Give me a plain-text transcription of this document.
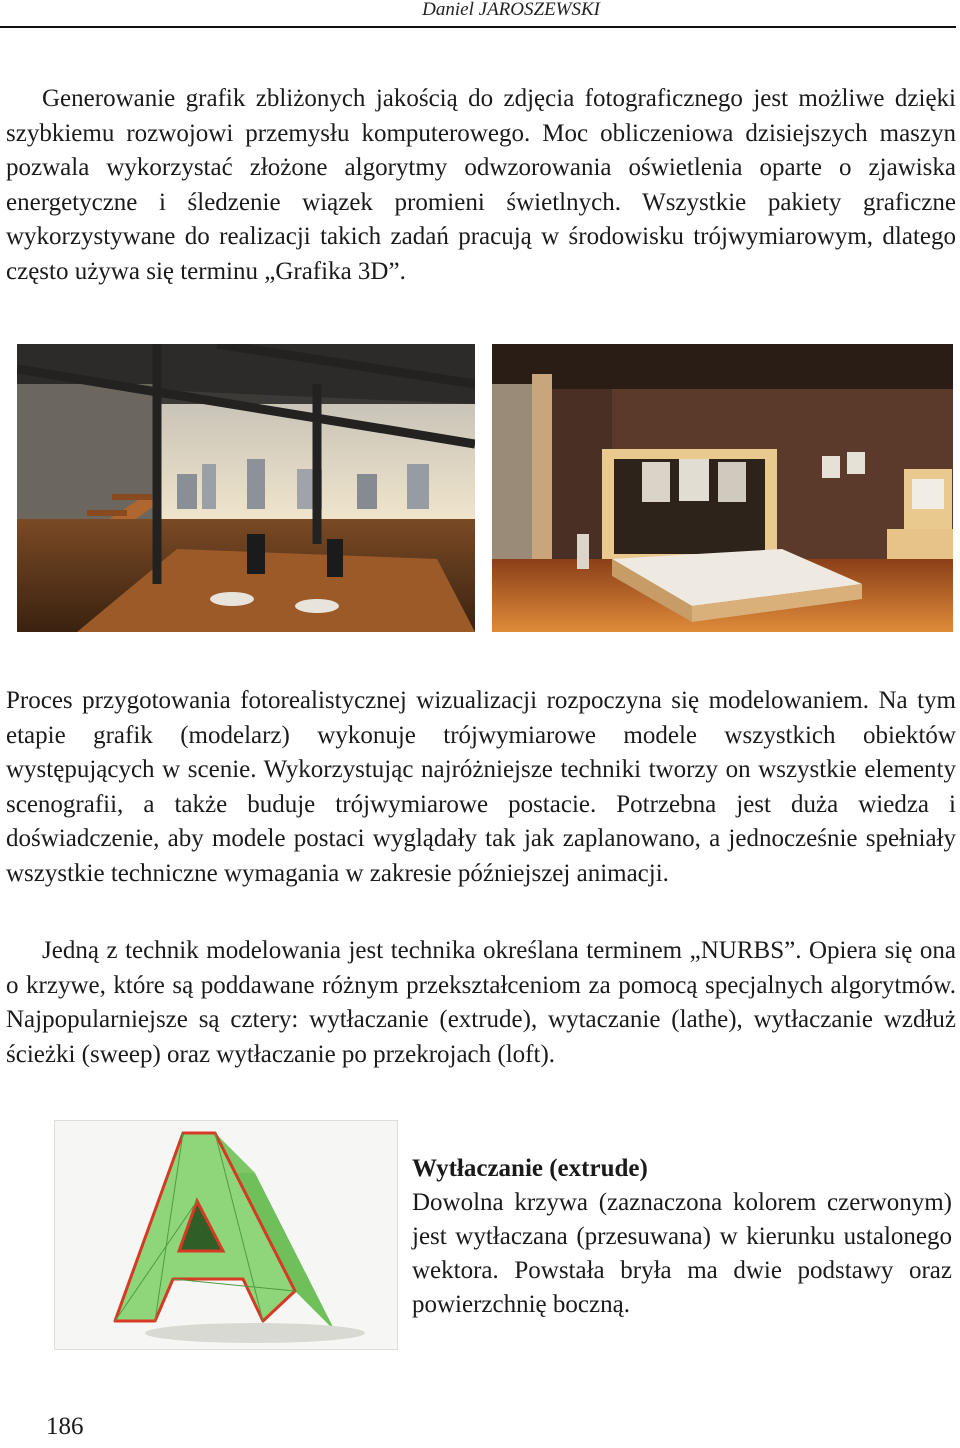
Daniel JAROSZEWSKI

Generowanie grafik zbliżonych jakością do zdjęcia fotograficznego jest możliwe dzięki szybkiemu rozwojowi przemysłu komputerowego. Moc obliczeniowa dzisiejszych maszyn pozwala wykorzystać złożone algorytmy odwzorowania oświetlenia oparte o zjawiska energetyczne i śledzenie wiązek promieni świetlnych. Wszystkie pakiety graficzne wykorzystywane do realizacji takich zadań pracują w środowisku trójwymiarowym, dlatego często używa się terminu „Grafika 3D”.

Proces przygotowania fotorealistycznej wizualizacji rozpoczyna się modelowaniem. Na tym etapie grafik (modelarz) wykonuje trójwymiarowe modele wszystkich obiektów występujących w scenie. Wykorzystując najróżniejsze techniki tworzy on wszystkie elementy scenografii, a także buduje trójwymiarowe postacie. Potrzebna jest duża wiedza i doświadczenie, aby modele postaci wyglądały tak jak zaplanowano, a jednocześnie spełniały wszystkie techniczne wymagania w zakresie późniejszej animacji.

Jedną z technik modelowania jest technika określana terminem „NURBS”. Opiera się ona o krzywe, które są poddawane różnym przekształceniom za pomocą specjalnych algorytmów. Najpopularniejsze są cztery: wytłaczanie (extrude), wytaczanie (lathe), wytłaczanie wzdłuż ścieżki (sweep) oraz wytłaczanie po przekrojach (loft).

Wytłaczanie (extrude)

Dowolna krzywa (zaznaczona kolorem czerwonym) jest wytłaczana (przesuwana) w kierunku ustalonego wektora. Powstała bryła ma dwie podstawy oraz powierzchnię boczną.

186
